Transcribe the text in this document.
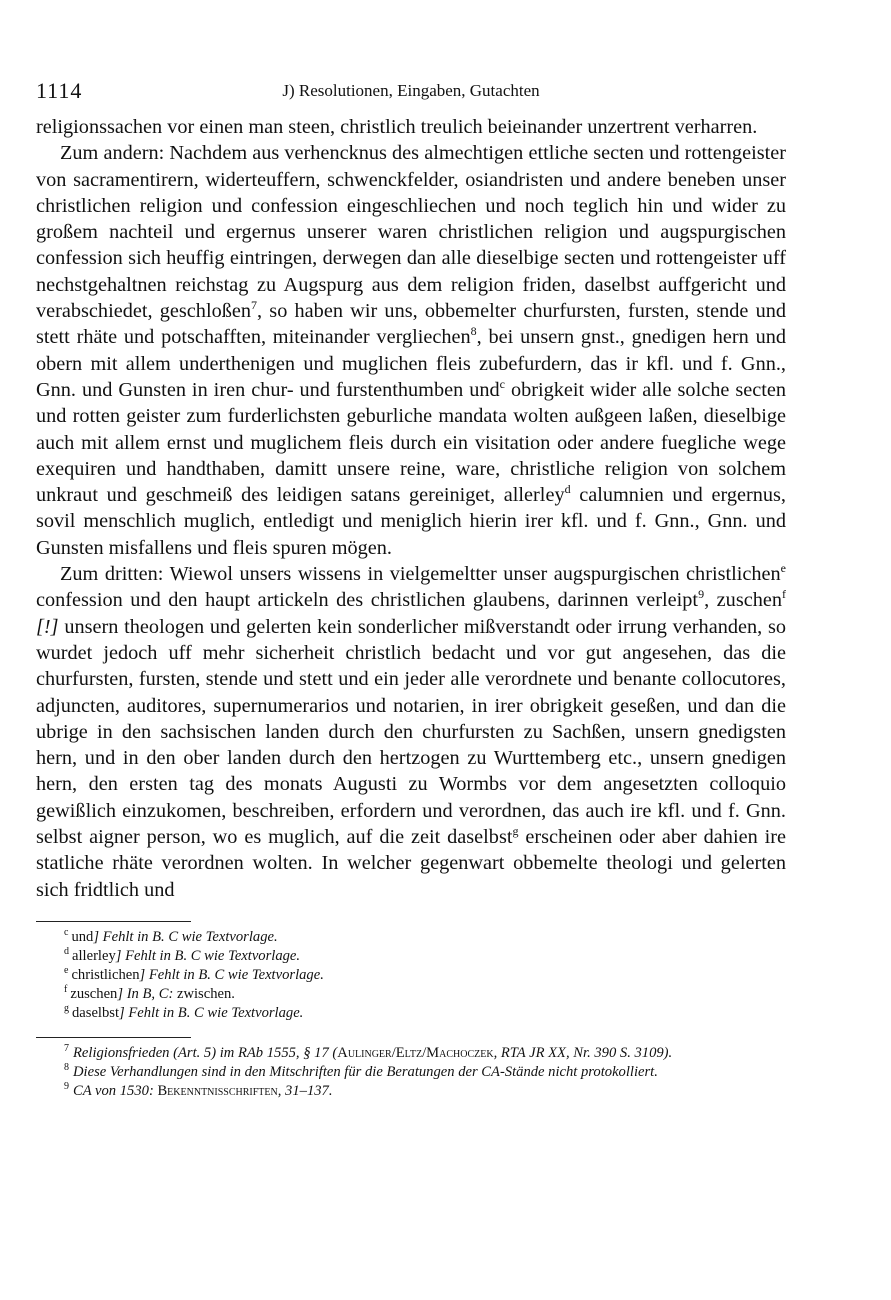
1114	J) Resolutionen, Eingaben, Gutachten

religionssachen vor einen man steen, christlich treulich beieinander unzertrent verharren.

Zum andern: Nachdem aus verhencknus des almechtigen ettliche secten und rottengeister von sacramentirern, widerteuffern, schwenckfelder, osiandristen und andere beneben unser christlichen religion und confession eingeschliechen und noch teglich hin und wider zu großem nachteil und ergernus unserer waren christlichen religion und augspurgischen confession sich heuffig eintringen, derwegen dan alle dieselbige secten und rottengeister uff nechstgehaltnen reichstag zu Augspurg aus dem religion friden, daselbst auffgericht und verabschiedet, geschloßen$^7$, so haben wir uns, obbemelter churfursten, fursten, stende und stett rhäte und potschafften, miteinander vergliechen$^8$, bei unsern gnst., gnedigen hern und obern mit allem underthenigen und muglichen fleis zubefurdern, das ir kfl. und f. Gnn., Gnn. und Gunsten in iren chur- und furstenthumben und$^c$ obrigkeit wider alle solche secten und rotten geister zum furderlichsten geburliche mandata wolten außgeen laßen, dieselbige auch mit allem ernst und muglichem fleis durch ein visitation oder andere fuegliche wege exequiren und handthaben, damitt unsere reine, ware, christliche religion von solchem unkraut und geschmeiß des leidigen satans gereiniget, allerley$^d$ calumnien und ergernus, sovil menschlich muglich, entledigt und meniglich hierin irer kfl. und f. Gnn., Gnn. und Gunsten misfallens und fleis spuren mögen.

Zum dritten: Wiewol unsers wissens in vielgemeltter unser augspurgischen christlichen$^e$ confession und den haupt artickeln des christlichen glaubens, darinnen verleipt$^9$, zuschen$^f$ [!] unsern theologen und gelerten kein sonderlicher mißverstandt oder irrung verhanden, so wurdet jedoch uff mehr sicherheit christlich bedacht und vor gut angesehen, das die churfursten, fursten, stende und stett und ein jeder alle verordnete und benante collocutores, adjuncten, auditores, supernumerarios und notarien, in irer obrigkeit geseßen, und dan die ubrige in den sachsischen landen durch den churfursten zu Sachßen, unsern gnedigsten hern, und in den ober landen durch den hertzogen zu Wurttemberg etc., unsern gnedigen hern, den ersten tag des monats Augusti zu Wormbs vor dem angesetzten colloquio gewißlich einzukomen, beschreiben, erfordern und verordnen, das auch ire kfl. und f. Gnn. selbst aigner person, wo es muglich, auf die zeit daselbst$^g$ erscheinen oder aber dahien ire statliche rhäte verordnen wolten. In welcher gegenwart obbemelte theologi und gelerten sich fridtlich und

$^c$ und] Fehlt in B. C wie Textvorlage.
$^d$ allerley] Fehlt in B. C wie Textvorlage.
$^e$ christlichen] Fehlt in B. C wie Textvorlage.
$^f$ zuschen] In B, C: zwischen.
$^g$ daselbst] Fehlt in B. C wie Textvorlage.
$^7$ Religionsfrieden (Art. 5) im RAb 1555, § 17 (Aulinger/Eltz/Machoczek, RTA JR XX, Nr. 390 S. 3109).
$^8$ Diese Verhandlungen sind in den Mitschriften für die Beratungen der CA-Stände nicht protokolliert.
$^9$ CA von 1530: Bekenntnisschriften, 31–137.
